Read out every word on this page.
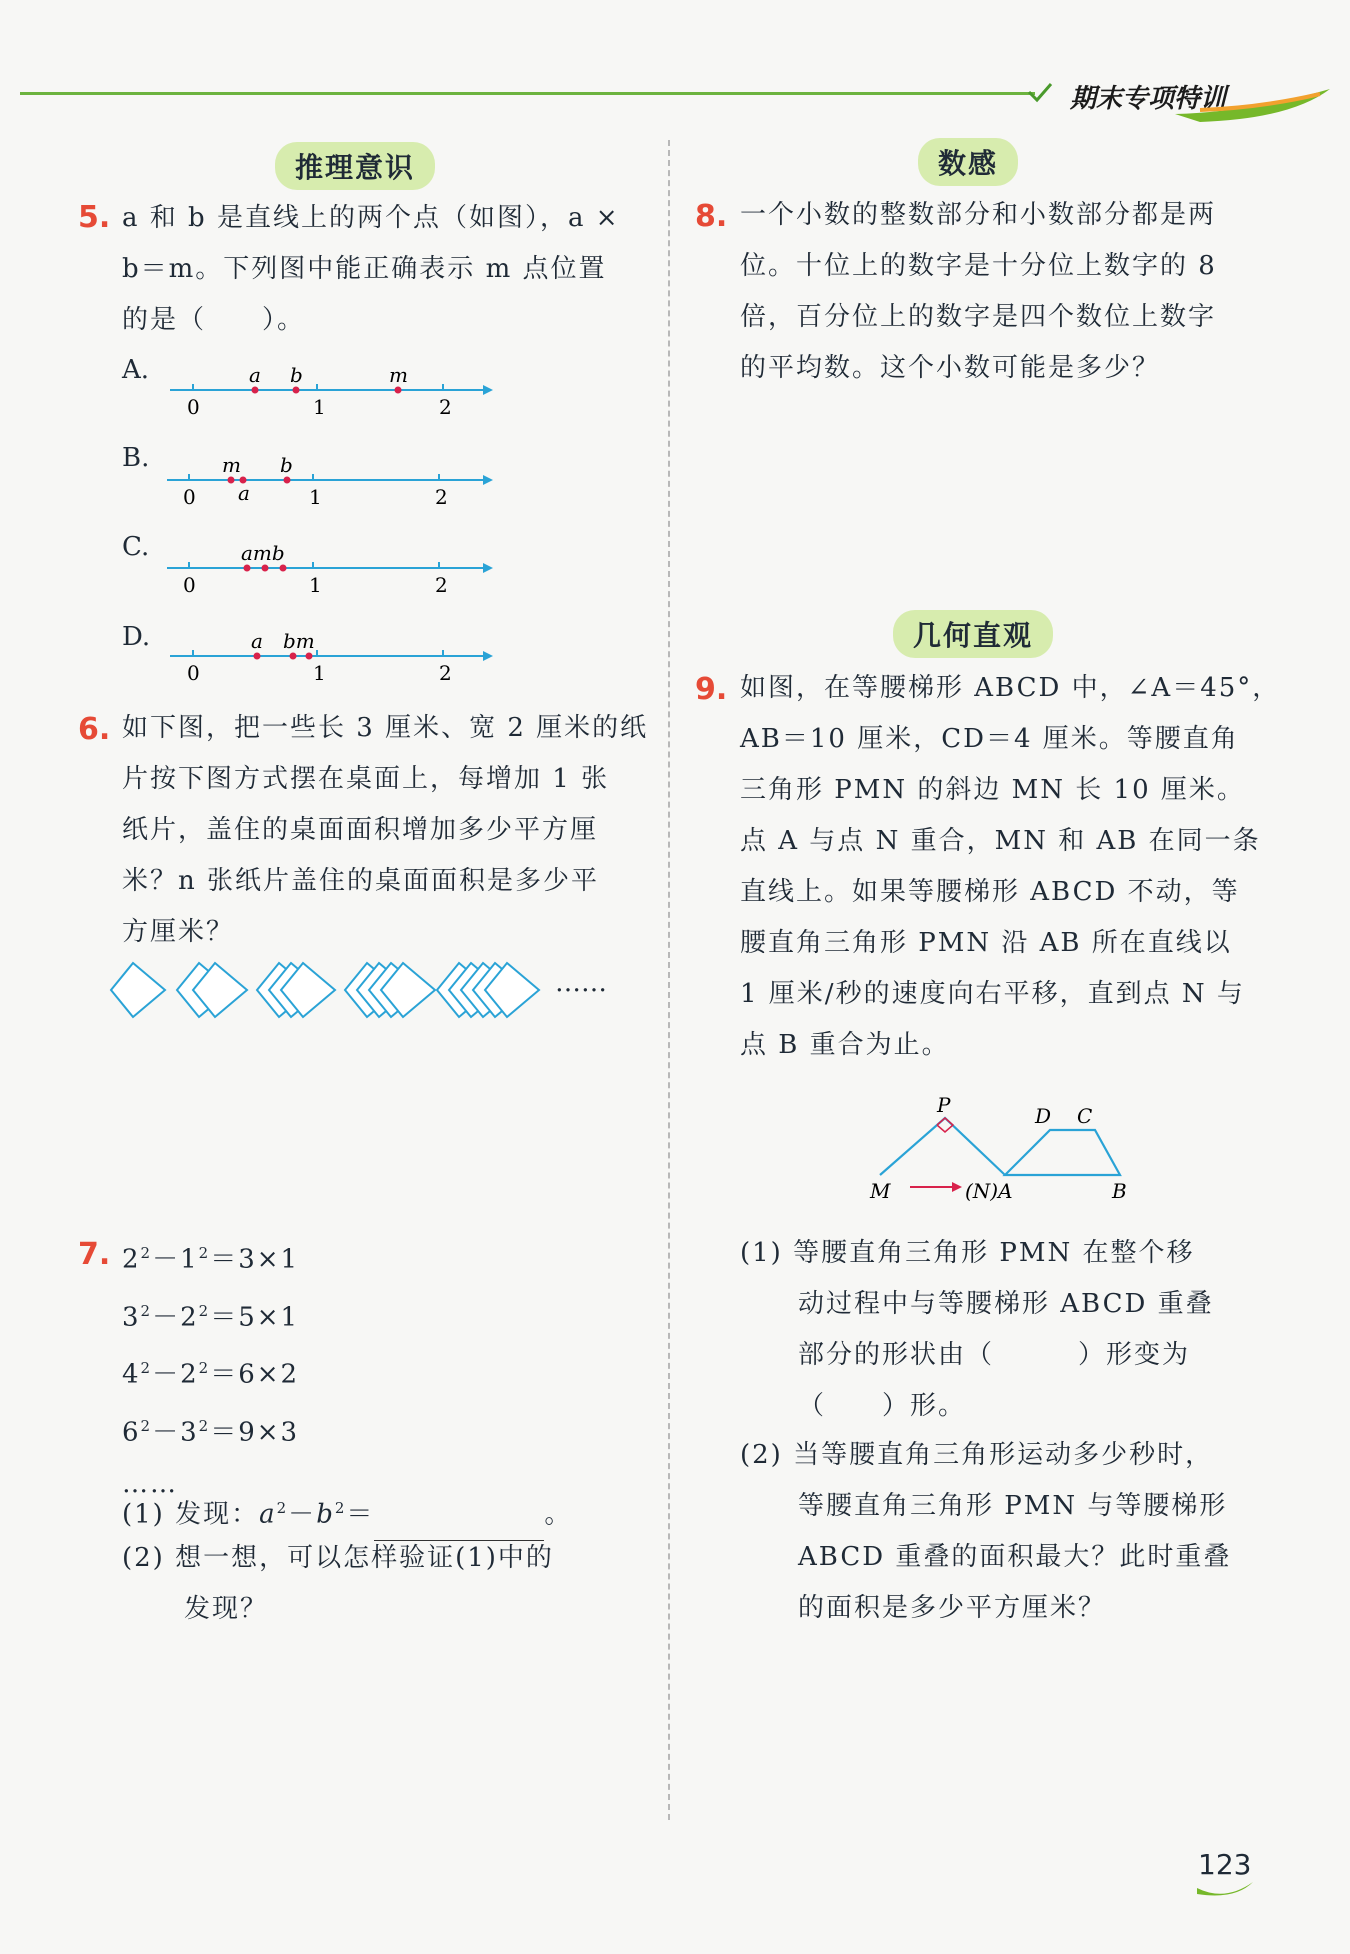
期末专项特训
推理意识
5. a 和 b 是直线上的两个点（如图），a ×
b＝m。下列图中能正确表示 m 点位置
的是（　　）。
A.
0	1	2
a b	m
B.
0	1	2
m
a
b
C.
0	1	2
amb
D.
0	1	2
a bm
6. 如下图，把一些长 3 厘米、宽 2 厘米的纸
片按下图方式摆在桌面上，每增加 1 张
纸片，盖住的桌面面积增加多少平方厘
米？n 张纸片盖住的桌面面积是多少平
方厘米？
……
7. $2^2-1^2=3\times 1$
$3^2-2^2=5\times 1$
$4^2-2^2=6\times 2$
$6^2-3^2=9\times 3$
……
(1) 发现：$a^2-b^2=$	。
(2) 想一想，可以怎样验证(1)中的
发现？
数感
8. 一个小数的整数部分和小数部分都是两
位。十位上的数字是十分位上数字的 8
倍，百分位上的数字是四个数位上数字
的平均数。这个小数可能是多少？
几何直观
9. 如图，在等腰梯形 ABCD 中，∠A＝45°，
AB＝10 厘米，CD＝4 厘米。等腰直角
三角形 PMN 的斜边 MN 长 10 厘米。
点 A 与点 N 重合，MN 和 AB 在同一条
直线上。如果等腰梯形 ABCD 不动，等
腰直角三角形 PMN 沿 AB 所在直线以
1 厘米/秒的速度向右平移，直到点 N 与
点 B 重合为止。
P	D C
M	(N)A	B
(1) 等腰直角三角形 PMN 在整个移
动过程中与等腰梯形 ABCD 重叠
部分的形状由（　　　）形变为
（　　）形。
(2) 当等腰直角三角形运动多少秒时，
等腰直角三角形 PMN 与等腰梯形
ABCD 重叠的面积最大？此时重叠
的面积是多少平方厘米？
123
